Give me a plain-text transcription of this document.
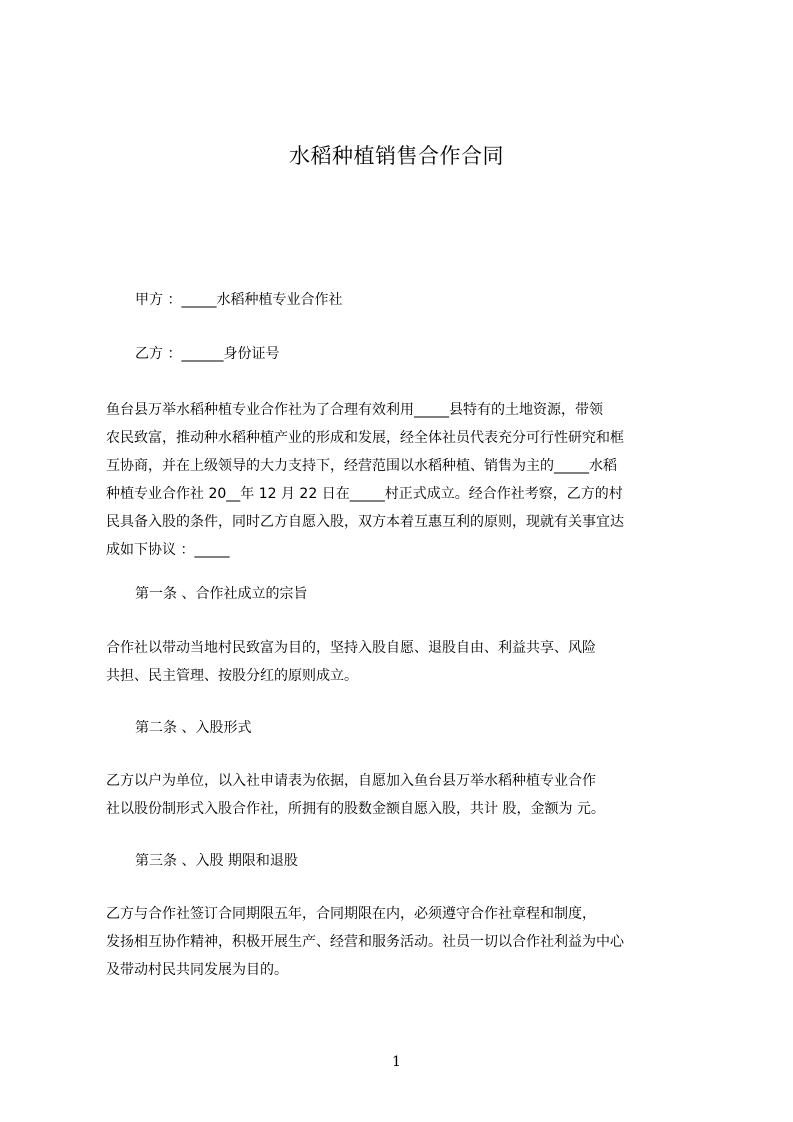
水稻种植销售合作合同

甲方 ：_____水稻种植专业合作社

乙方 ：______身份证号

鱼台县万举水稻种植专业合作社为了合理有效利用_____县特有的土地资源，带领

农民致富，推动种水稻种植产业的形成和发展，经全体社员代表充分可行性研究和框

互协商，并在上级领导的大力支持下，经营范围以水稻种植、销售为主的_____水稻

种植专业合作社 20__年 12 月 22 日在_____村正式成立。经合作社考察，乙方的村

民具备入股的条件，同时乙方自愿入股，双方本着互惠互利的原则，现就有关事宜达

成如下协议 ：_____

第一条 、合作社成立的宗旨

合作社以带动当地村民致富为目的，坚持入股自愿、退股自由、利益共享、风险

共担、民主管理、按股分红的原则成立。

第二条 、入股形式

乙方以户为单位，以入社申请表为依据，自愿加入鱼台县万举水稻种植专业合作

社以股份制形式入股合作社，所拥有的股数金额自愿入股，共计 股，金额为 元。

第三条 、入股 期限和退股

乙方与合作社签订合同期限五年，合同期限在内，必须遵守合作社章程和制度，

发扬相互协作精神，积极开展生产、经营和服务活动。社员一切以合作社利益为中心

及带动村民共同发展为目的。

1
